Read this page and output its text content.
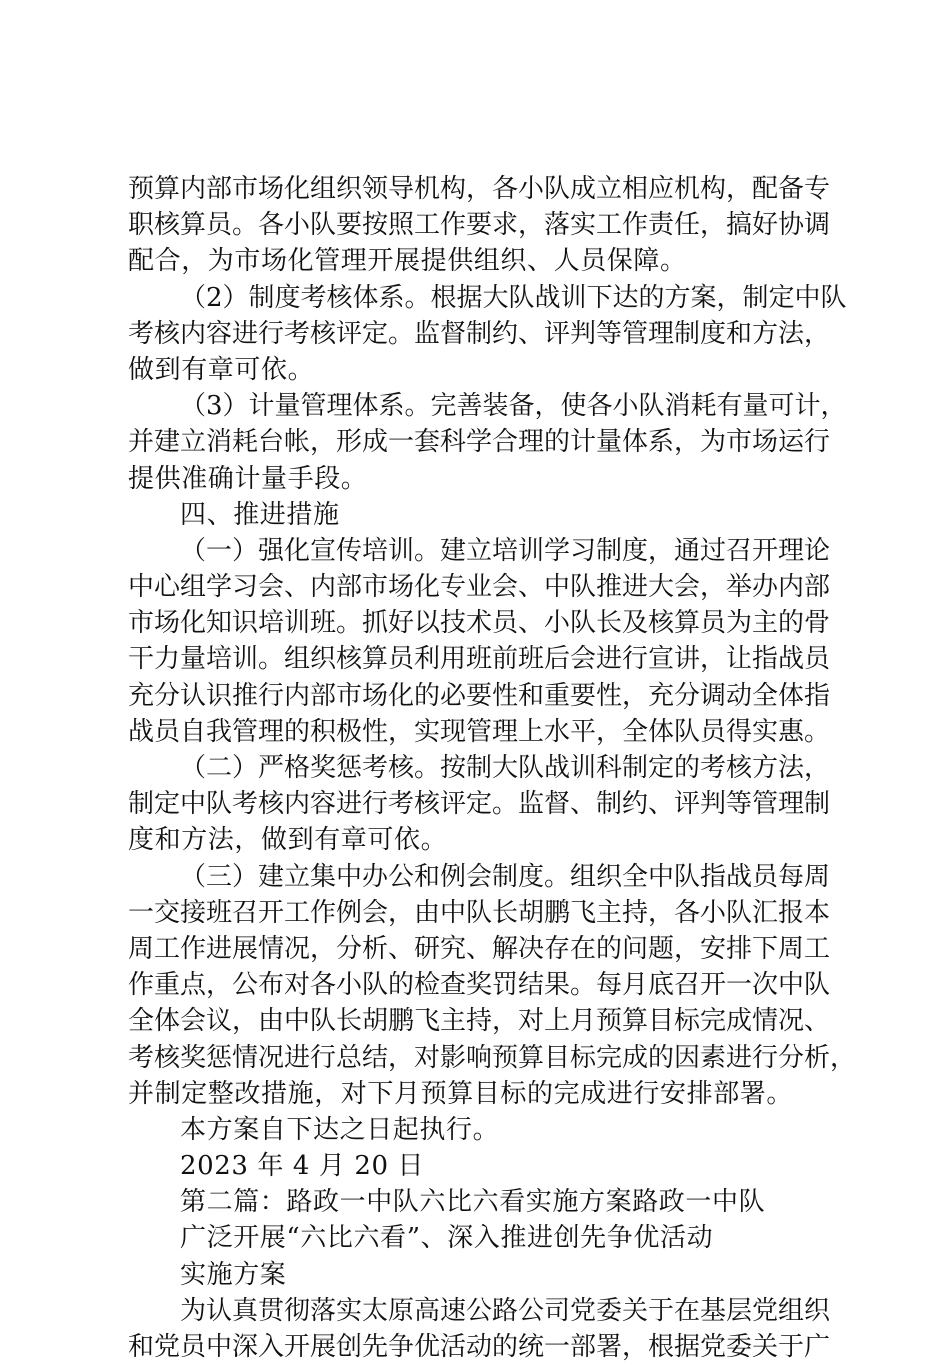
预算内部市场化组织领导机构，各小队成立相应机构，配备专
职核算员。各小队要按照工作要求，落实工作责任，搞好协调
配合，为市场化管理开展提供组织、人员保障。
（2）制度考核体系。根据大队战训下达的方案，制定中队
考核内容进行考核评定。监督制约、评判等管理制度和方法，
做到有章可依。
（3）计量管理体系。完善装备，使各小队消耗有量可计，
并建立消耗台帐，形成一套科学合理的计量体系，为市场运行
提供准确计量手段。
四、推进措施
（一）强化宣传培训。建立培训学习制度，通过召开理论
中心组学习会、内部市场化专业会、中队推进大会，举办内部
市场化知识培训班。抓好以技术员、小队长及核算员为主的骨
干力量培训。组织核算员利用班前班后会进行宣讲，让指战员
充分认识推行内部市场化的必要性和重要性，充分调动全体指
战员自我管理的积极性，实现管理上水平，全体队员得实惠。
（二）严格奖惩考核。按制大队战训科制定的考核方法，
制定中队考核内容进行考核评定。监督、制约、评判等管理制
度和方法，做到有章可依。
（三）建立集中办公和例会制度。组织全中队指战员每周
一交接班召开工作例会，由中队长胡鹏飞主持，各小队汇报本
周工作进展情况，分析、研究、解决存在的问题，安排下周工
作重点，公布对各小队的检查奖罚结果。每月底召开一次中队
全体会议，由中队长胡鹏飞主持，对上月预算目标完成情况、
考核奖惩情况进行总结，对影响预算目标完成的因素进行分析，
并制定整改措施，对下月预算目标的完成进行安排部署。
本方案自下达之日起执行。
2023 年 4 月 20 日
第二篇：路政一中队六比六看实施方案路政一中队
广泛开展“六比六看”、深入推进创先争优活动
实施方案
为认真贯彻落实太原高速公路公司党委关于在基层党组织
和党员中深入开展创先争优活动的统一部署，根据党委关于广
